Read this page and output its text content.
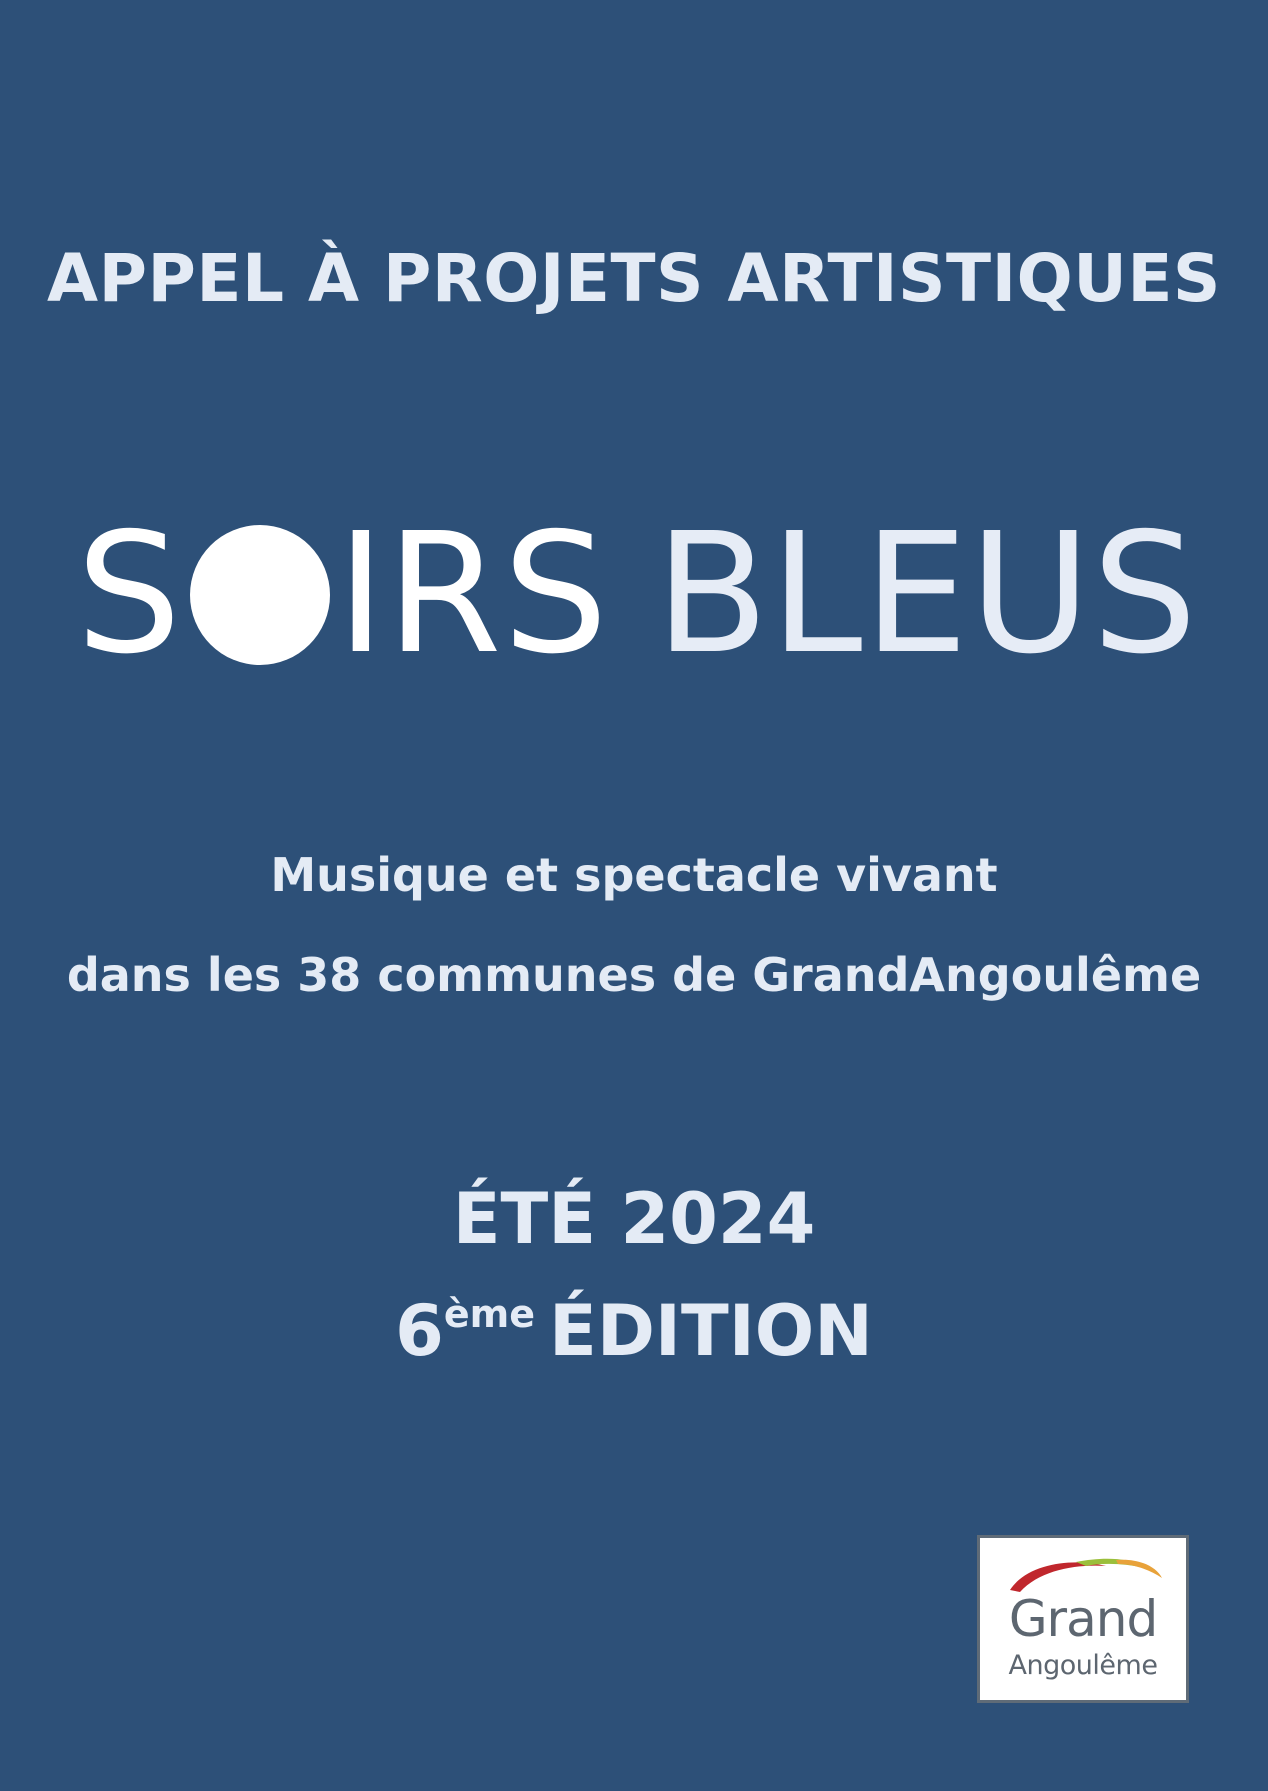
APPEL À PROJETS ARTISTIQUES
S IRS BLEUS
Musique et spectacle vivant
dans les 38 communes de GrandAngoulême
ÉTÉ 2024
6ème ÉDITION
Grand
Angoulême
